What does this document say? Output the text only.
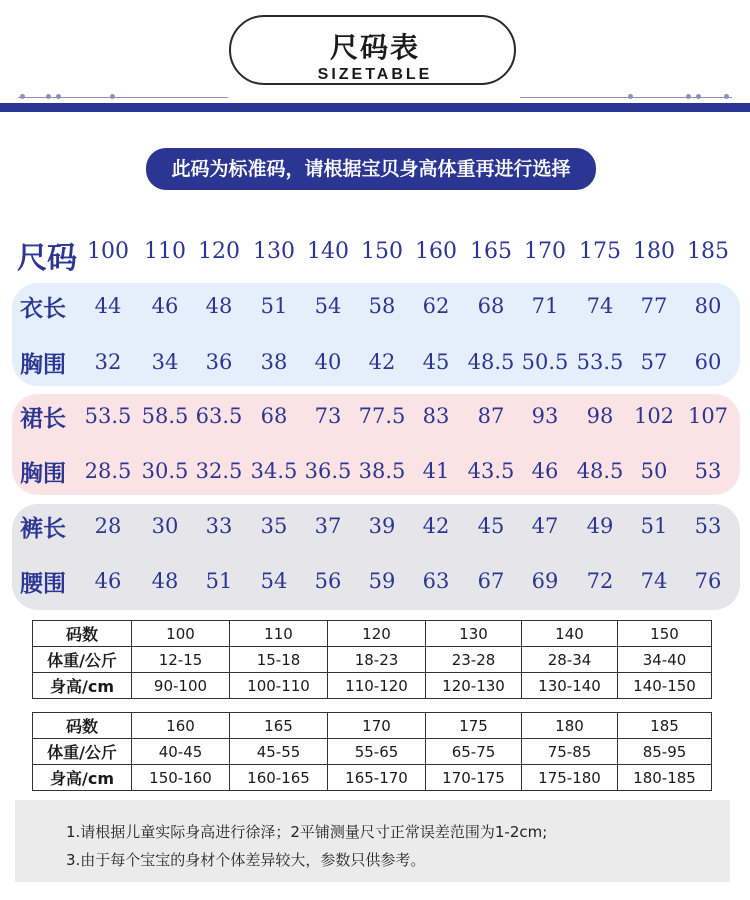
尺码表
SIZETABLE
此码为标准码，请根据宝贝身高体重再进行选择
尺码 100 110 120 130 140 150 160 165 170 175 180 185
衣长	44	46	48	51	54	58	62	68	71	74	77	80
胸围	32	34	36	38	40	42	45 48.5 50.5 53.5 57	60
裙长 53.5 58.5 63.5 68	73 77.5 83	87	93	98 102 107
胸围 28.5 30.5 32.5 34.5 36.5 38.5 41 43.5 46 48.5 50	53
裤长	28	30	33	35	37	39	42	45	47	49	51	53
腰围	46	48	51	54	56	59	63	67	69	72	74	76
码数	100	110	120	130	140	150
体重/公斤	12-15	15-18	18-23	23-28	28-34	34-40
身高/cm	90-100	100-110	110-120	120-130	130-140	140-150
码数	160	165	170	175	180	185
体重/公斤	40-45	45-55	55-65	65-75	75-85	85-95
身高/cm	150-160	160-165	165-170	170-175	175-180	180-185

1.请根据儿童实际身高进行徐泽；2平铺测量尺寸正常误差范围为1-2cm;

3.由于每个宝宝的身材个体差异较大，参数只供参考。
